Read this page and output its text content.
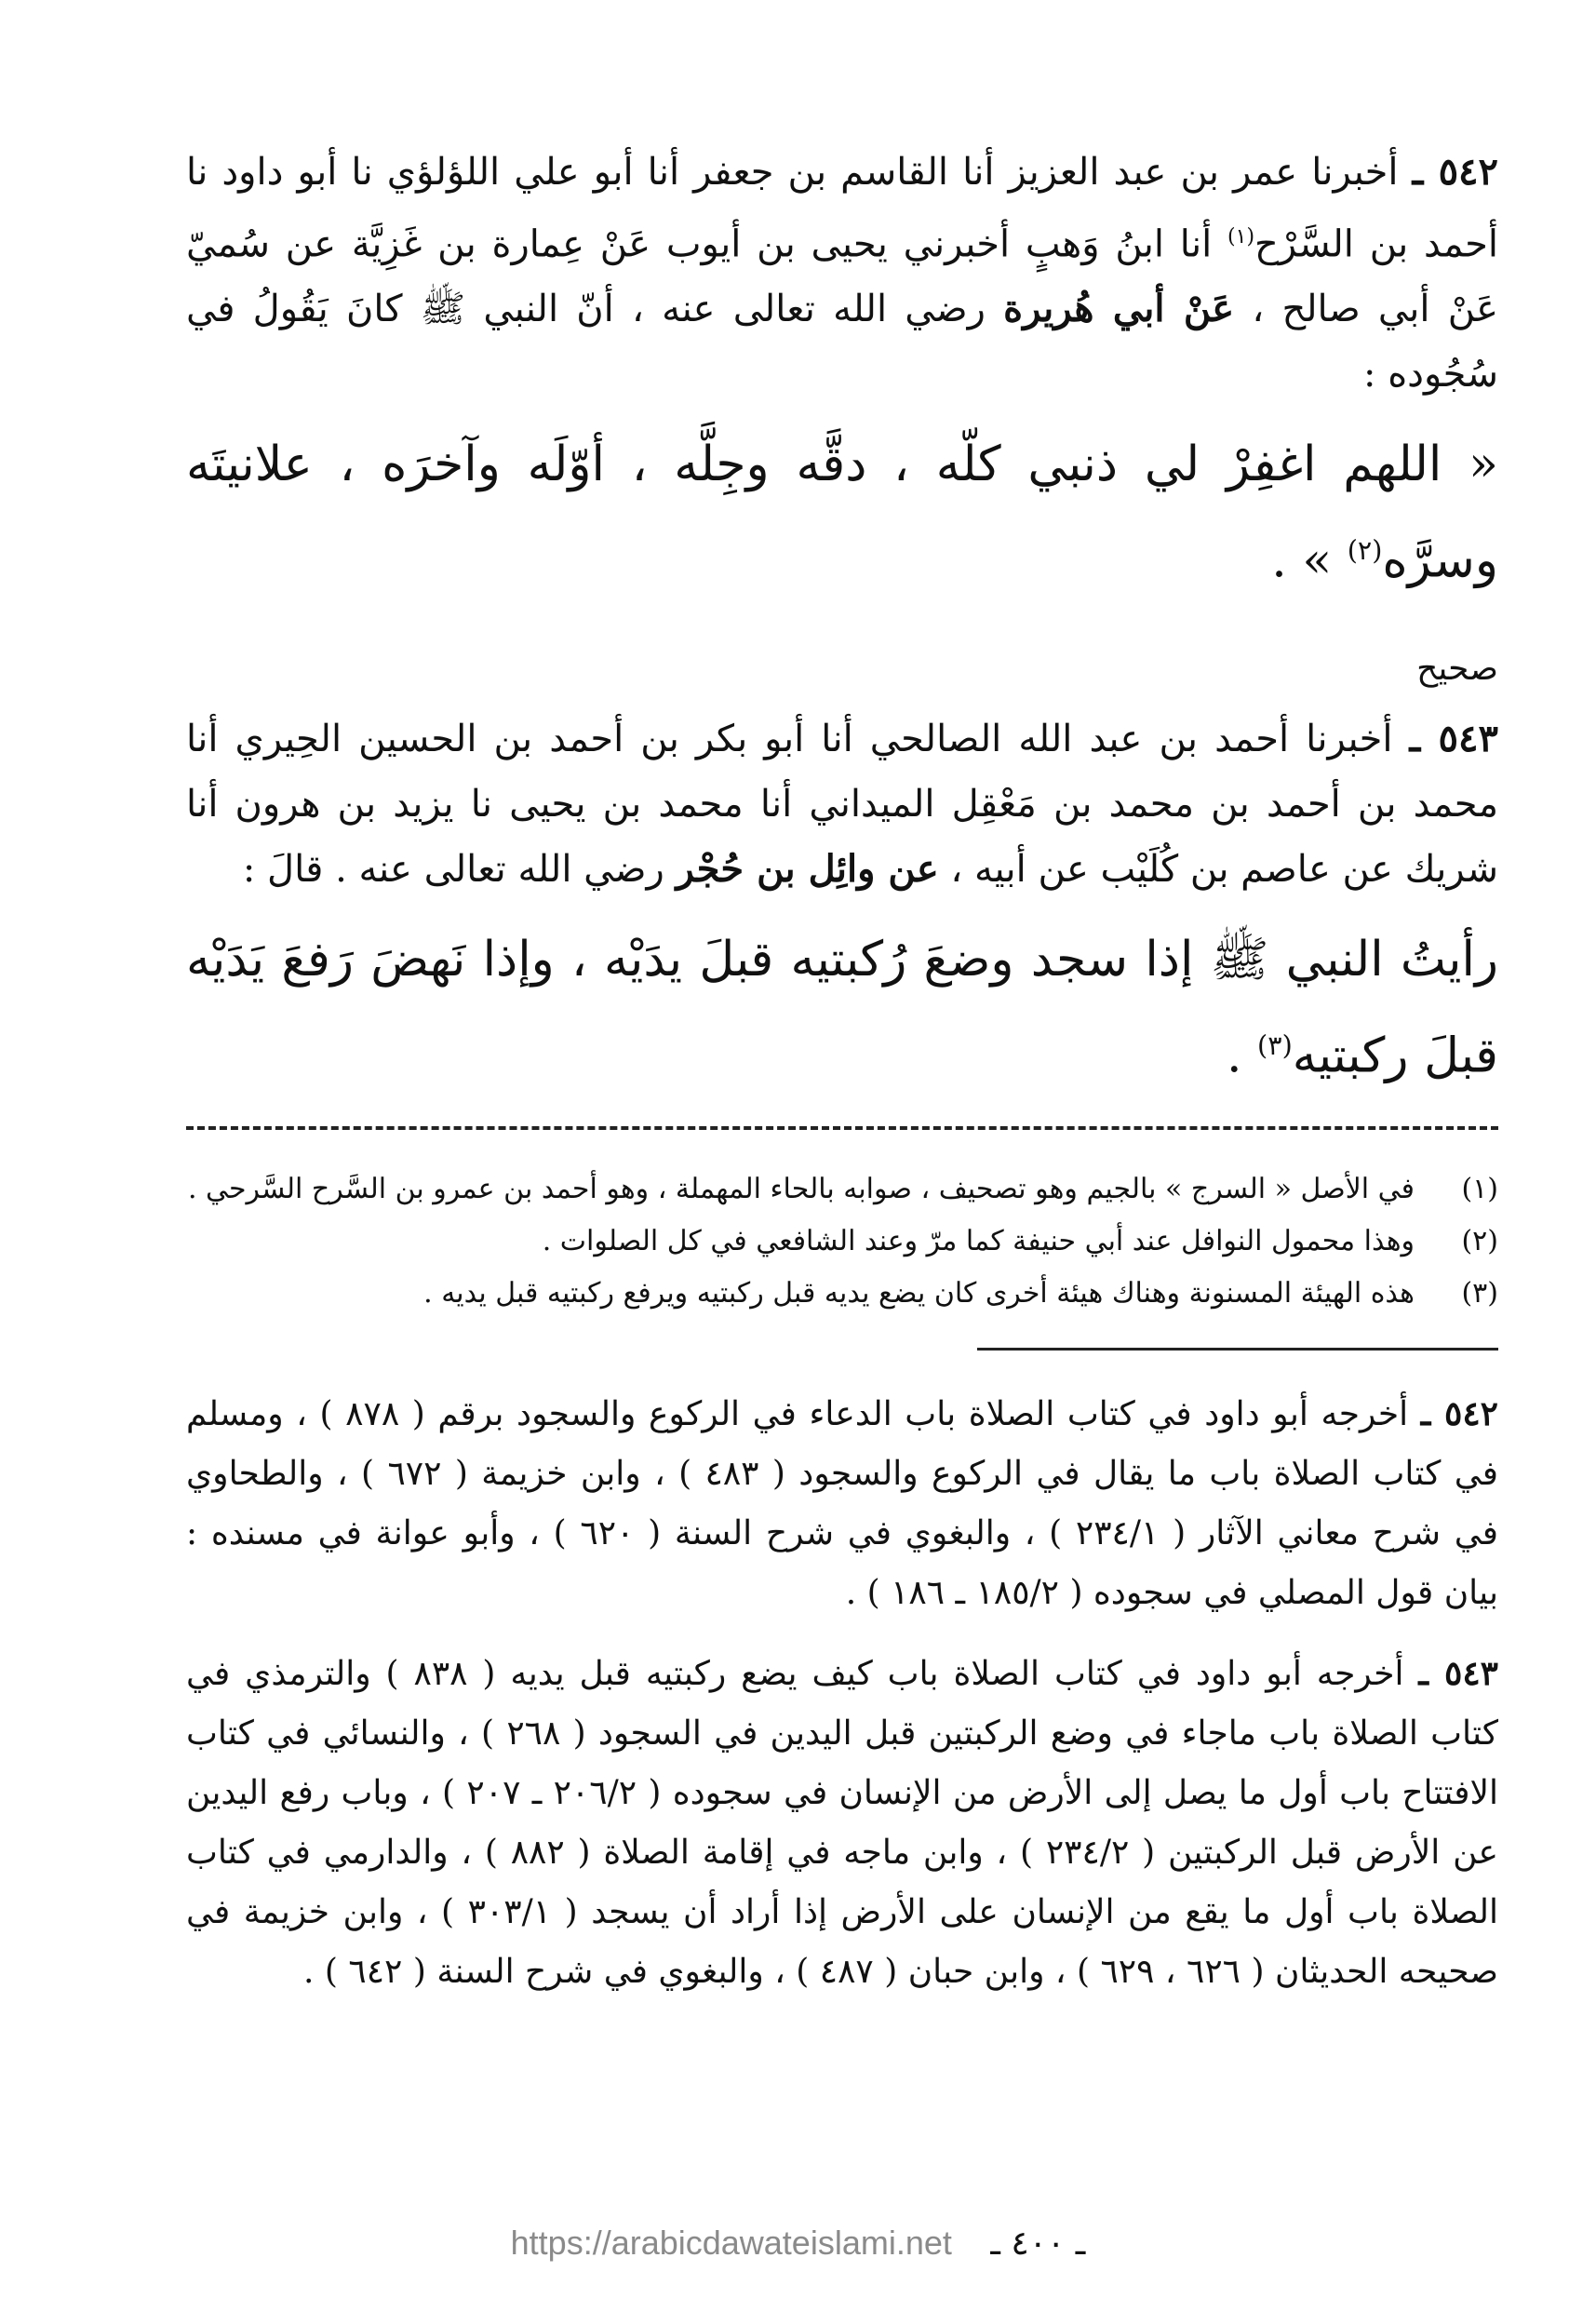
٥٤٢ ـ أخبرنا عمر بن عبد العزيز أنا القاسم بن جعفر أنا أبو علي اللؤلؤي نا أبو داود نا أحمد بن السَّرْح$^{(١)}$ أنا ابنُ وَهبٍ أخبرني يحيى بن أيوب عَنْ عِمارة بن غَزِيَّة عن سُميّ عَنْ أبي صالح ، عَنْ أبي هُريرة رضي الله تعالى عنه ، أنّ النبي ﷺ كانَ يَقُولُ في سُجُوده :

« اللهم اغفِرْ لي ذنبي كلّه ، دقَّه وجِلَّه ، أوّلَه وآخرَه ، علانيتَه وسرَّه$^{(٢)}$ » .

صحيح

٥٤٣ ـ أخبرنا أحمد بن عبد الله الصالحي أنا أبو بكر بن أحمد بن الحسين الحِيري أنا محمد بن أحمد بن محمد بن مَعْقِل الميداني أنا محمد بن يحيى نا يزيد بن هرون أنا شريك عن عاصم بن كُلَيْب عن أبيه ، عن وائِل بن حُجْر رضي الله تعالى عنه . قالَ :

رأيتُ النبي ﷺ إذا سجد وضعَ رُكبتيه قبلَ يدَيْه ، وإذا نَهضَ رَفعَ يَدَيْه قبلَ ركبتيه$^{(٣)}$ .

(١)
في الأصل « السرج » بالجيم وهو تصحيف ، صوابه بالحاء المهملة ، وهو أحمد بن عمرو بن السَّرح السَّرحي .
(٢)
وهذا محمول النوافل عند أبي حنيفة كما مرّ وعند الشافعي في كل الصلوات .
(٣)
هذه الهيئة المسنونة وهناك هيئة أخرى كان يضع يديه قبل ركبتيه ويرفع ركبتيه قبل يديه .

٥٤٢ ـ أخرجه أبو داود في كتاب الصلاة باب الدعاء في الركوع والسجود برقم ( ٨٧٨ ) ، ومسلم في كتاب الصلاة باب ما يقال في الركوع والسجود ( ٤٨٣ ) ، وابن خزيمة ( ٦٧٢ ) ، والطحاوي في شرح معاني الآثار ( ٢٣٤/١ ) ، والبغوي في شرح السنة ( ٦٢٠ ) ، وأبو عوانة في مسنده : بيان قول المصلي في سجوده ( ١٨٥/٢ ـ ١٨٦ ) .

٥٤٣ ـ أخرجه أبو داود في كتاب الصلاة باب كيف يضع ركبتيه قبل يديه ( ٨٣٨ ) والترمذي في كتاب الصلاة باب ماجاء في وضع الركبتين قبل اليدين في السجود ( ٢٦٨ ) ، والنسائي في كتاب الافتتاح باب أول ما يصل إلى الأرض من الإنسان في سجوده ( ٢٠٦/٢ ـ ٢٠٧ ) ، وباب رفع اليدين عن الأرض قبل الركبتين ( ٢٣٤/٢ ) ، وابن ماجه في إقامة الصلاة ( ٨٨٢ ) ، والدارمي في كتاب الصلاة باب أول ما يقع من الإنسان على الأرض إذا أراد أن يسجد ( ٣٠٣/١ ) ، وابن خزيمة في صحيحه الحديثان ( ٦٢٦ ، ٦٢٩ ) ، وابن حبان ( ٤٨٧ ) ، والبغوي في شرح السنة ( ٦٤٢ ) .

ـ ٤٠٠ ـ https://arabicdawateislami.net
